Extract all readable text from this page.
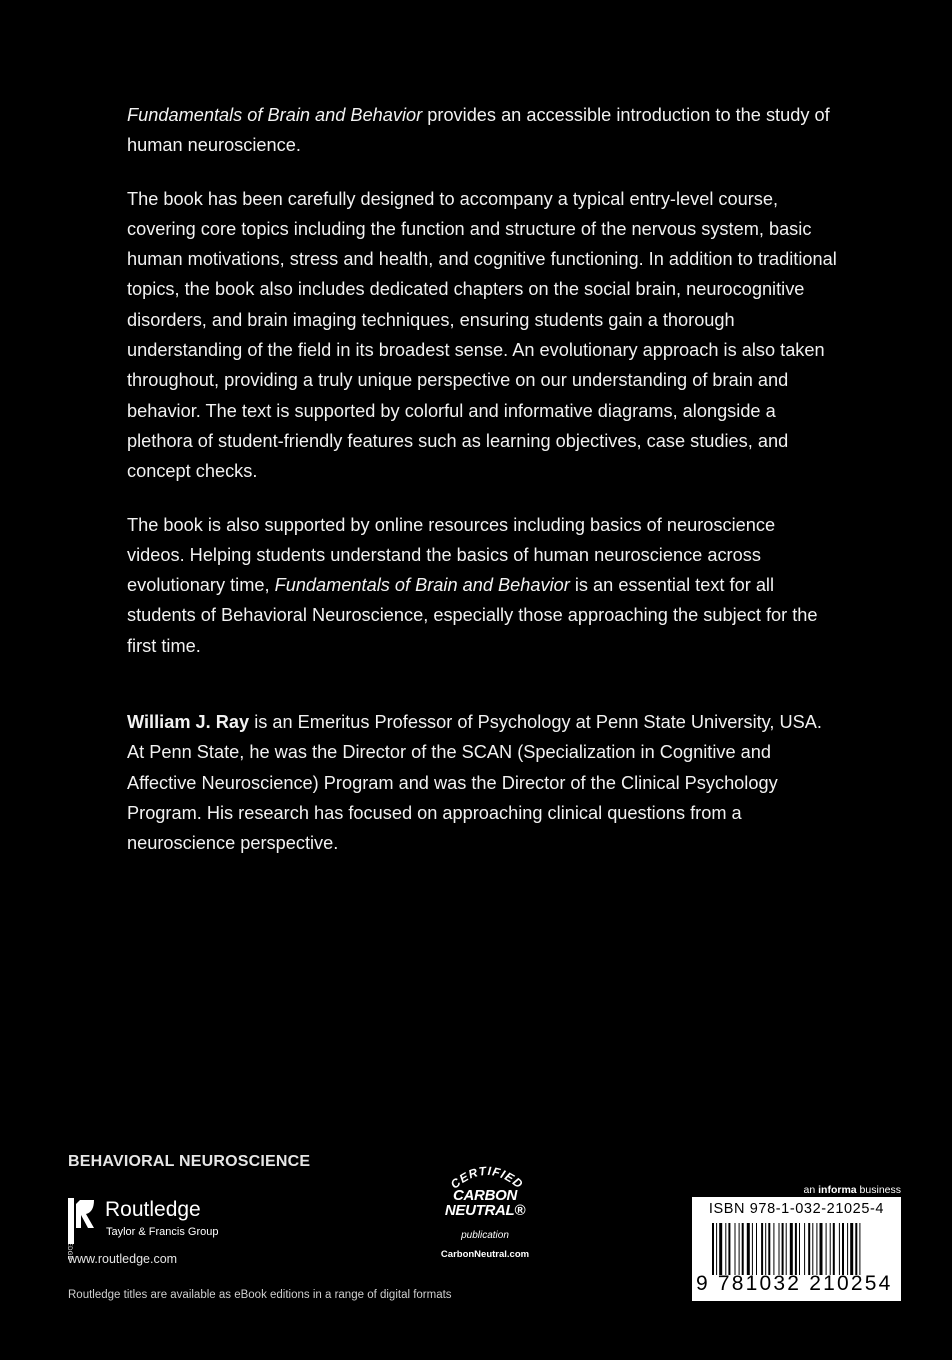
Fundamentals of Brain and Behavior provides an accessible introduction to the study of human neuroscience.

The book has been carefully designed to accompany a typical entry-level course, covering core topics including the function and structure of the nervous system, basic human motivations, stress and health, and cognitive functioning. In addition to traditional topics, the book also includes dedicated chapters on the social brain, neurocognitive disorders, and brain imaging techniques, ensuring students gain a thorough understanding of the field in its broadest sense. An evolutionary approach is also taken throughout, providing a truly unique perspective on our understanding of brain and behavior. The text is supported by colorful and informative diagrams, alongside a plethora of student-friendly features such as learning objectives, case studies, and concept checks.

The book is also supported by online resources including basics of neuroscience videos. Helping students understand the basics of human neuroscience across evolutionary time, Fundamentals of Brain and Behavior is an essential text for all students of Behavioral Neuroscience, especially those approaching the subject for the first time.

William J. Ray is an Emeritus Professor of Psychology at Penn State University, USA. At Penn State, he was the Director of the SCAN (Specialization in Cognitive and Affective Neuroscience) Program and was the Director of the Clinical Psychology Program. His research has focused on approaching clinical questions from a neuroscience perspective.

BEHAVIORAL NEUROSCIENCE
ROUTLEDGE
Routledge
Taylor & Francis Group
www.routledge.com
Routledge titles are available as eBook editions in a range of digital formats
CERTIFIED
CARBON
NEUTRAL®
publication
CarbonNeutral.com
an informa business
ISBN 978-1-032-21025-4
9 781032 210254
